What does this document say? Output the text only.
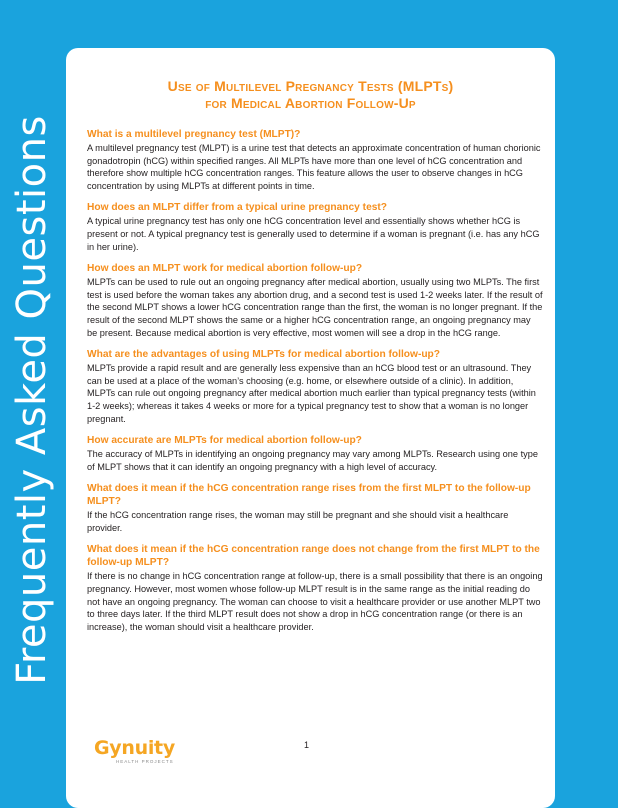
Frequently Asked Questions
Use of Multilevel Pregnancy Tests (MLPTs)
for Medical Abortion Follow-Up

What is a multilevel pregnancy test (MLPT)?

A multilevel pregnancy test (MLPT) is a urine test that detects an approximate concentration of human chorionic gonadotropin (hCG) within specified ranges. All MLPTs have more than one level of hCG concentration and therefore show multiple hCG concentration ranges. This feature allows the user to observe changes in hCG concentration by using MLPTs at different points in time.

How does an MLPT differ from a typical urine pregnancy test?

A typical urine pregnancy test has only one hCG concentration level and essentially shows whether hCG is present or not. A typical pregnancy test is generally used to determine if a woman is pregnant (i.e. has any hCG in her urine).

How does an MLPT work for medical abortion follow-up?

MLPTs can be used to rule out an ongoing pregnancy after medical abortion, usually using two MLPTs. The first test is used before the woman takes any abortion drug, and a second test is used 1-2 weeks later. If the result of the second MLPT shows a lower hCG concentration range than the first, the woman is no longer pregnant. If the result of the second MLPT shows the same or a higher hCG concentration range, an ongoing pregnancy may be present. Because medical abortion is very effective, most women will see a drop in the hCG range.

What are the advantages of using MLPTs for medical abortion follow-up?

MLPTs provide a rapid result and are generally less expensive than an hCG blood test or an ultrasound. They can be used at a place of the woman’s choosing (e.g. home, or elsewhere outside of a clinic). In addition, MLPTs can rule out ongoing pregnancy after medical abortion much earlier than typical pregnancy tests (within 1-2 weeks); whereas it takes 4 weeks or more for a typical pregnancy test to show that a woman is no longer pregnant.

How accurate are MLPTs for medical abortion follow-up?

The accuracy of MLPTs in identifying an ongoing pregnancy may vary among MLPTs. Research using one type of MLPT shows that it can identify an ongoing pregnancy with a high level of accuracy.

What does it mean if the hCG concentration range rises from the first MLPT to the follow-up MLPT?

If the hCG concentration range rises, the woman may still be pregnant and she should visit a healthcare provider.

What does it mean if the hCG concentration range does not change from the first MLPT to the follow-up MLPT?

If there is no change in hCG concentration range at follow-up, there is a small possibility that there is an ongoing pregnancy. However, most women whose follow-up MLPT result is in the same range as the initial reading do not have an ongoing pregnancy. The woman can choose to visit a healthcare provider or use another MLPT two to three days later. If the third MLPT result does not show a drop in hCG concentration range (or there is an increase), the woman should visit a healthcare provider.

1
Gynuity
HEALTH PROJECTS
